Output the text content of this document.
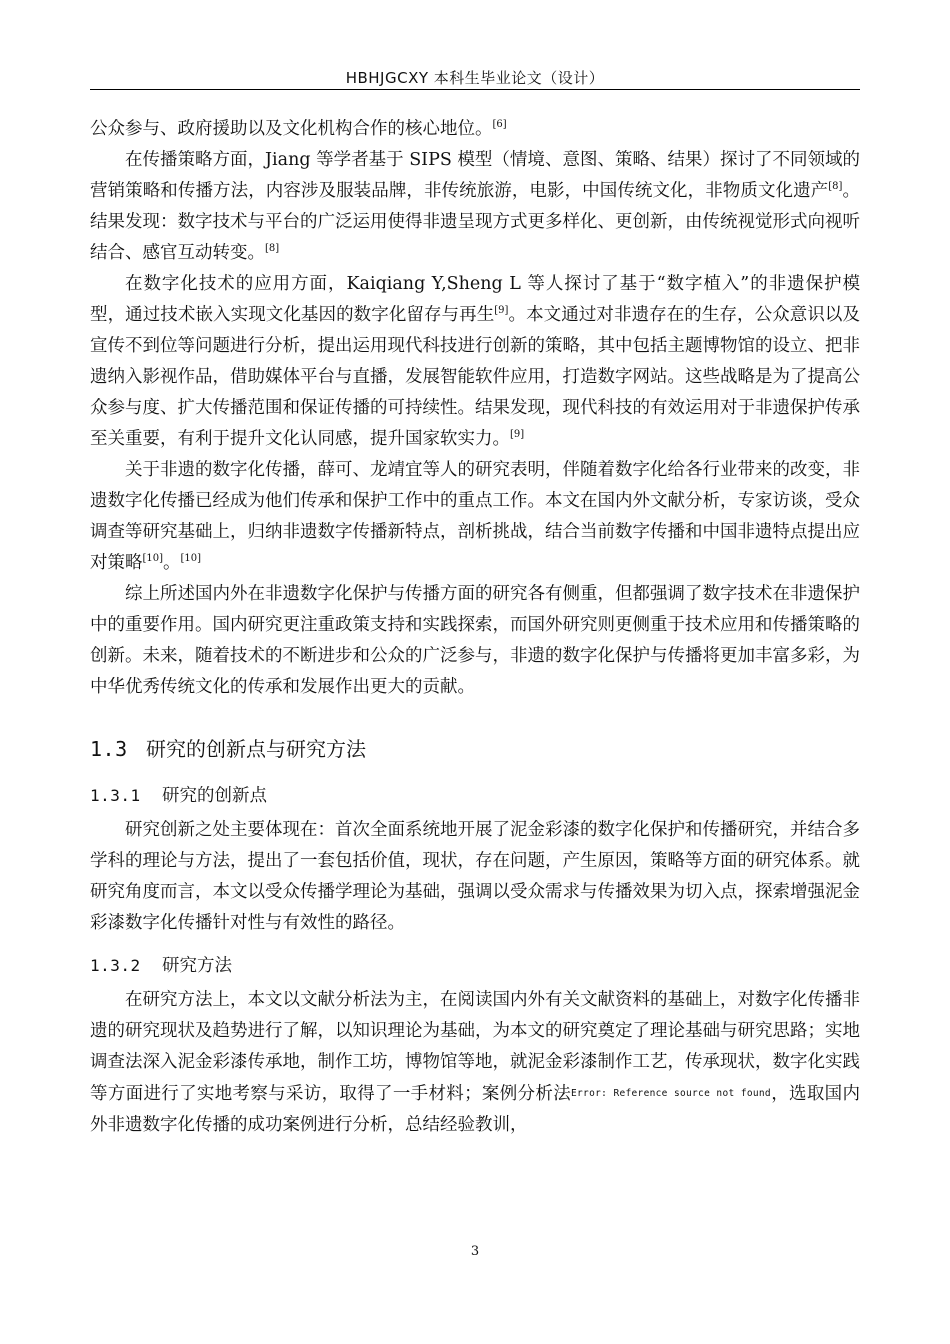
HBHJGCXY 本科生毕业论文（设计）

公众参与、政府援助以及文化机构合作的核心地位。[6]

在传播策略方面，Jiang 等学者基于 SIPS 模型（情境、意图、策略、结果）探讨了不同领域的营销策略和传播方法，内容涉及服装品牌，非传统旅游，电影，中国传统文化，非物质文化遗产[8]。结果发现：数字技术与平台的广泛运用使得非遗呈现方式更多样化、更创新，由传统视觉形式向视听结合、感官互动转变。[8]

在数字化技术的应用方面，Kaiqiang Y,Sheng L 等人探讨了基于“数字植入”的非遗保护模型，通过技术嵌入实现文化基因的数字化留存与再生[9]。本文通过对非遗存在的生存，公众意识以及宣传不到位等问题进行分析，提出运用现代科技进行创新的策略，其中包括主题博物馆的设立、把非遗纳入影视作品，借助媒体平台与直播，发展智能软件应用，打造数字网站。这些战略是为了提高公众参与度、扩大传播范围和保证传播的可持续性。结果发现，现代科技的有效运用对于非遗保护传承至关重要，有利于提升文化认同感，提升国家软实力。[9]

关于非遗的数字化传播，薛可、龙靖宜等人的研究表明，伴随着数字化给各行业带来的改变，非遗数字化传播已经成为他们传承和保护工作中的重点工作。本文在国内外文献分析，专家访谈，受众调查等研究基础上，归纳非遗数字传播新特点，剖析挑战，结合当前数字传播和中国非遗特点提出应对策略[10]。[10]

综上所述国内外在非遗数字化保护与传播方面的研究各有侧重，但都强调了数字技术在非遗保护中的重要作用。国内研究更注重政策支持和实践探索，而国外研究则更侧重于技术应用和传播策略的创新。未来，随着技术的不断进步和公众的广泛参与，非遗的数字化保护与传播将更加丰富多彩，为中华优秀传统文化的传承和发展作出更大的贡献。

1.3 研究的创新点与研究方法
1.3.1 研究的创新点

研究创新之处主要体现在：首次全面系统地开展了泥金彩漆的数字化保护和传播研究，并结合多学科的理论与方法，提出了一套包括价值，现状，存在问题，产生原因，策略等方面的研究体系。就研究角度而言，本文以受众传播学理论为基础，强调以受众需求与传播效果为切入点，探索增强泥金彩漆数字化传播针对性与有效性的路径。

1.3.2 研究方法

在研究方法上，本文以文献分析法为主，在阅读国内外有关文献资料的基础上，对数字化传播非遗的研究现状及趋势进行了解，以知识理论为基础，为本文的研究奠定了理论基础与研究思路；实地调查法深入泥金彩漆传承地，制作工坊，博物馆等地，就泥金彩漆制作工艺，传承现状，数字化实践等方面进行了实地考察与采访，取得了一手材料；案例分析法Error: Reference source not found，选取国内外非遗数字化传播的成功案例进行分析，总结经验教训，

3
